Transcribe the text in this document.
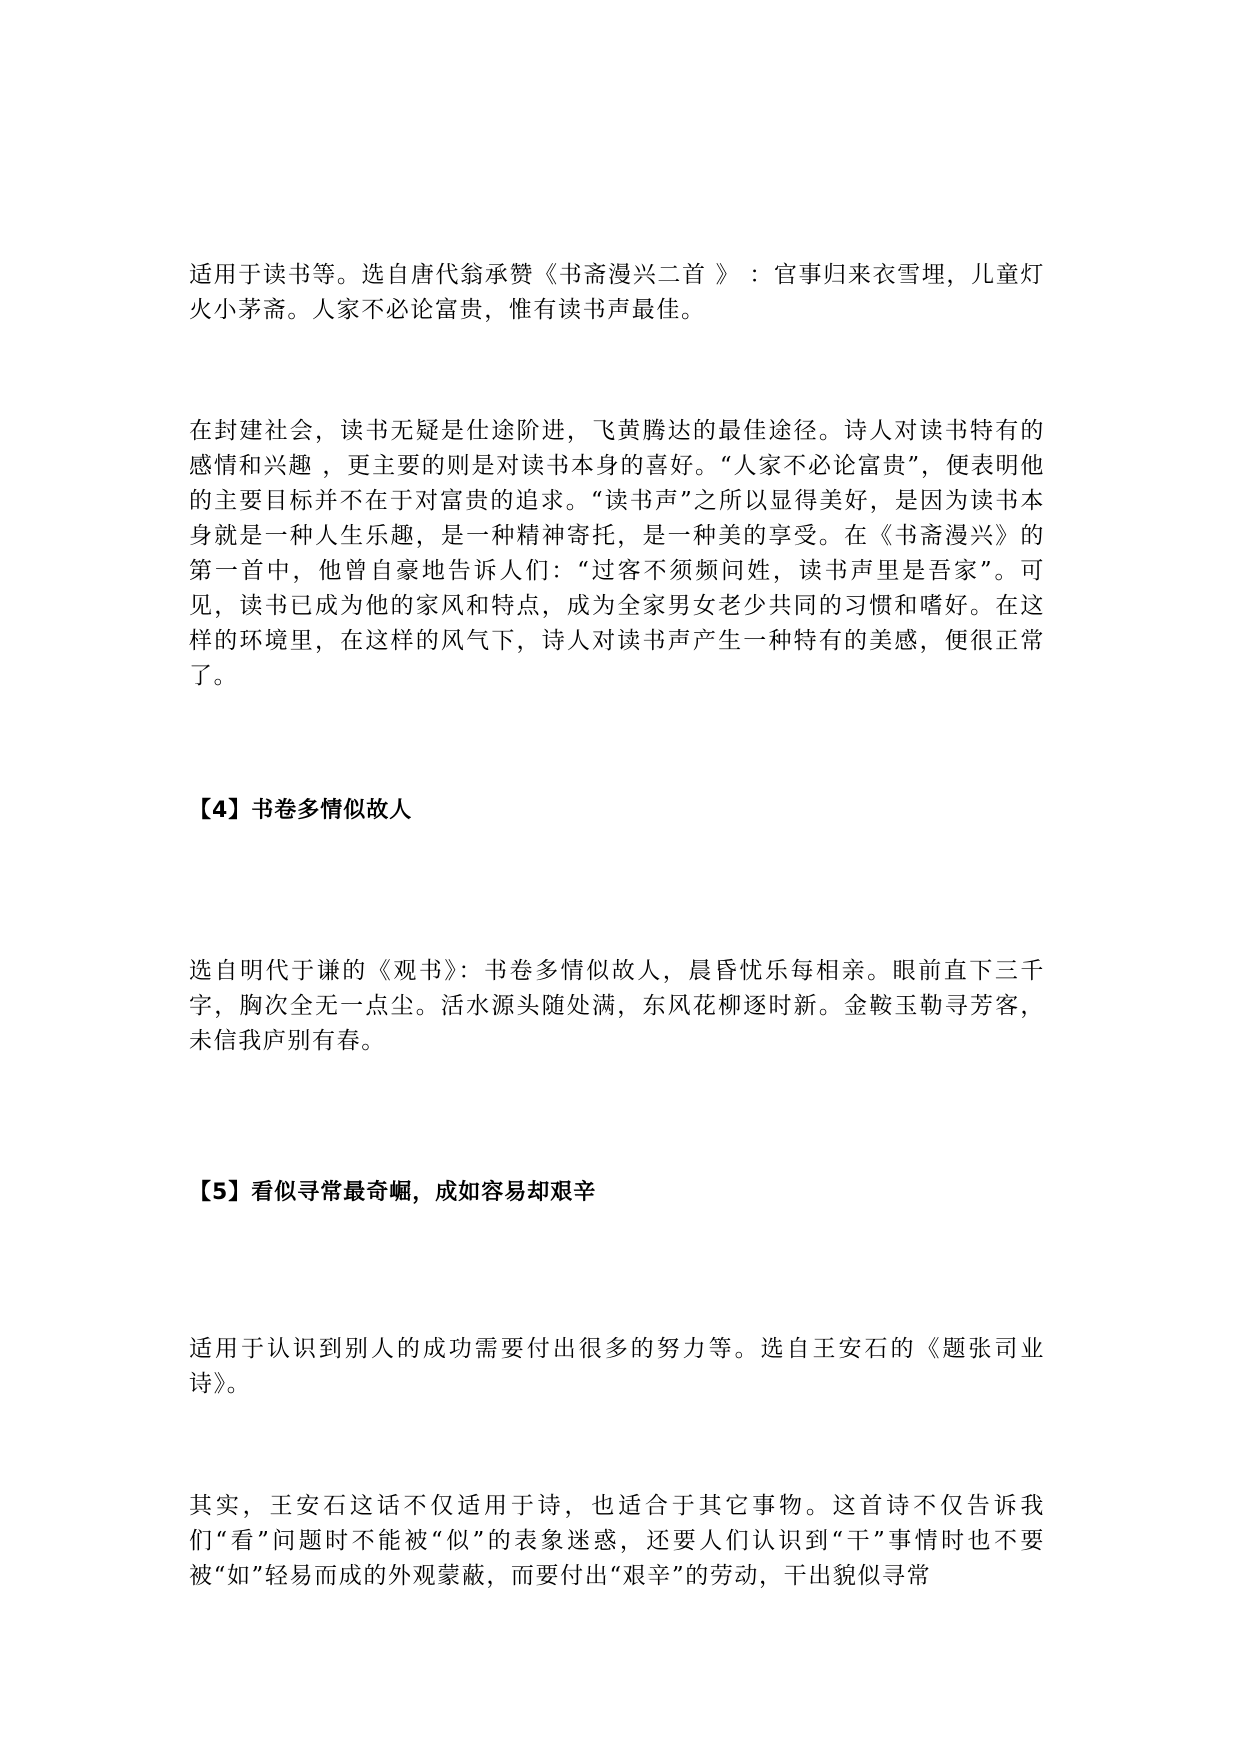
适用于读书等。选自唐代翁承赞《书斋漫兴二首 》 ：官事归来衣雪埋，儿童灯火小茅斋。人家不必论富贵，惟有读书声最佳。

在封建社会，读书无疑是仕途阶进，飞黄腾达的最佳途径。诗人对读书特有的感情和兴趣 ，更主要的则是对读书本身的喜好。“人家不必论富贵”，便表明他的主要目标并不在于对富贵的追求。“读书声”之所以显得美好，是因为读书本身就是一种人生乐趣，是一种精神寄托，是一种美的享受。在《书斋漫兴》的第一首中，他曾自豪地告诉人们：“过客不须频问姓，读书声里是吾家”。可见，读书已成为他的家风和特点，成为全家男女老少共同的习惯和嗜好。在这样的环境里，在这样的风气下，诗人对读书声产生一种特有的美感，便很正常了。

【4】书卷多情似故人

选自明代于谦的《观书》：书卷多情似故人，晨昏忧乐每相亲。眼前直下三千字，胸次全无一点尘。活水源头随处满，东风花柳逐时新。金鞍玉勒寻芳客，未信我庐别有春。

【5】看似寻常最奇崛，成如容易却艰辛

适用于认识到别人的成功需要付出很多的努力等。选自王安石的《题张司业诗》。

其实，王安石这话不仅适用于诗，也适合于其它事物。这首诗不仅告诉我们“看”问题时不能被“似”的表象迷惑，还要人们认识到“干”事情时也不要被“如”轻易而成的外观蒙蔽，而要付出“艰辛”的劳动，干出貌似寻常
